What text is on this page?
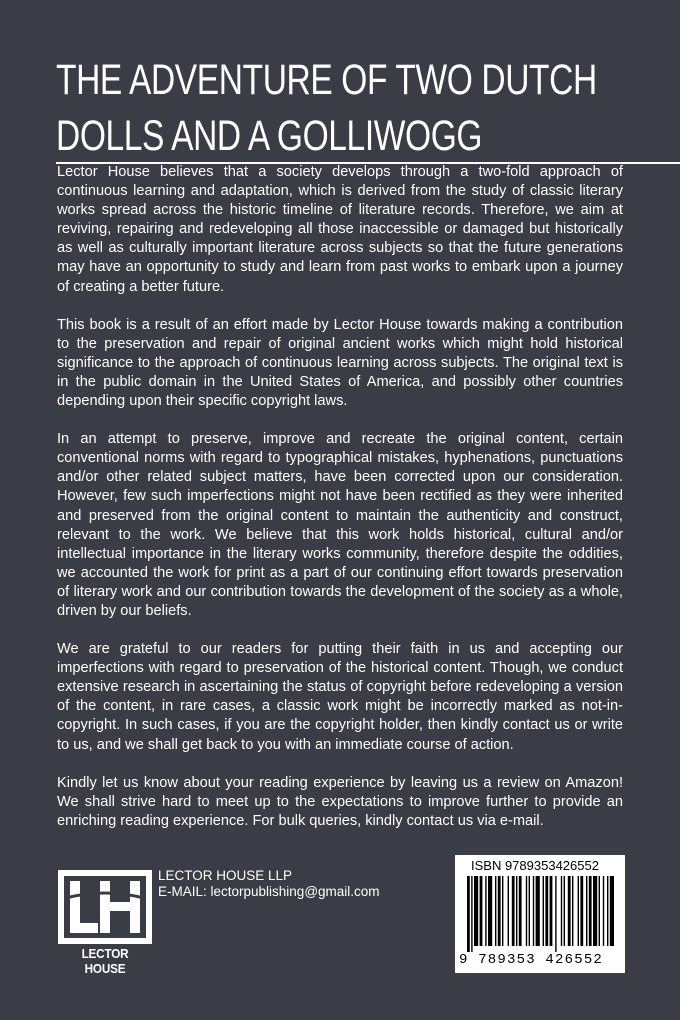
THE ADVENTURE OF TWO DUTCH
DOLLS AND A GOLLIWOGG

Lector House believes that a society develops through a two-fold approach of continuous learning and adaptation, which is derived from the study of classic literary works spread across the historic timeline of literature records. Therefore, we aim at reviving, repairing and redeveloping all those inaccessible or damaged but historically as well as culturally important literature across subjects so that the future generations may have an opportunity to study and learn from past works to embark upon a journey of creating a better future.

This book is a result of an effort made by Lector House towards making a contribution to the preservation and repair of original ancient works which might hold historical significance to the approach of continuous learning across subjects. The original text is in the public domain in the United States of America, and possibly other countries depending upon their specific copyright laws.

In an attempt to preserve, improve and recreate the original content, certain conventional norms with regard to typographical mistakes, hyphenations, punctuations and/or other related subject matters, have been corrected upon our consideration. However, few such imperfections might not have been rectified as they were inherited and preserved from the original content to maintain the authenticity and construct, relevant to the work. We believe that this work holds historical, cultural and/or intellectual importance in the literary works community, therefore despite the oddities, we accounted the work for print as a part of our continuing effort towards preservation of literary work and our contribution towards the development of the society as a whole, driven by our beliefs.

We are grateful to our readers for putting their faith in us and accepting our imperfections with regard to preservation of the historical content. Though, we conduct extensive research in ascertaining the status of copyright before redeveloping a version of the content, in rare cases, a classic work might be incorrectly marked as not-in-copyright. In such cases, if you are the copyright holder, then kindly contact us or write to us, and we shall get back to you with an immediate course of action.

Kindly let us know about your reading experience by leaving us a review on Amazon! We shall strive hard to meet up to the expectations to improve further to provide an enriching reading experience. For bulk queries, kindly contact us via e-mail.

LECTOR HOUSE
LECTOR HOUSE LLP
E-MAIL: lectorpublishing@gmail.com
ISBN 9789353426552
9 789353 426552
